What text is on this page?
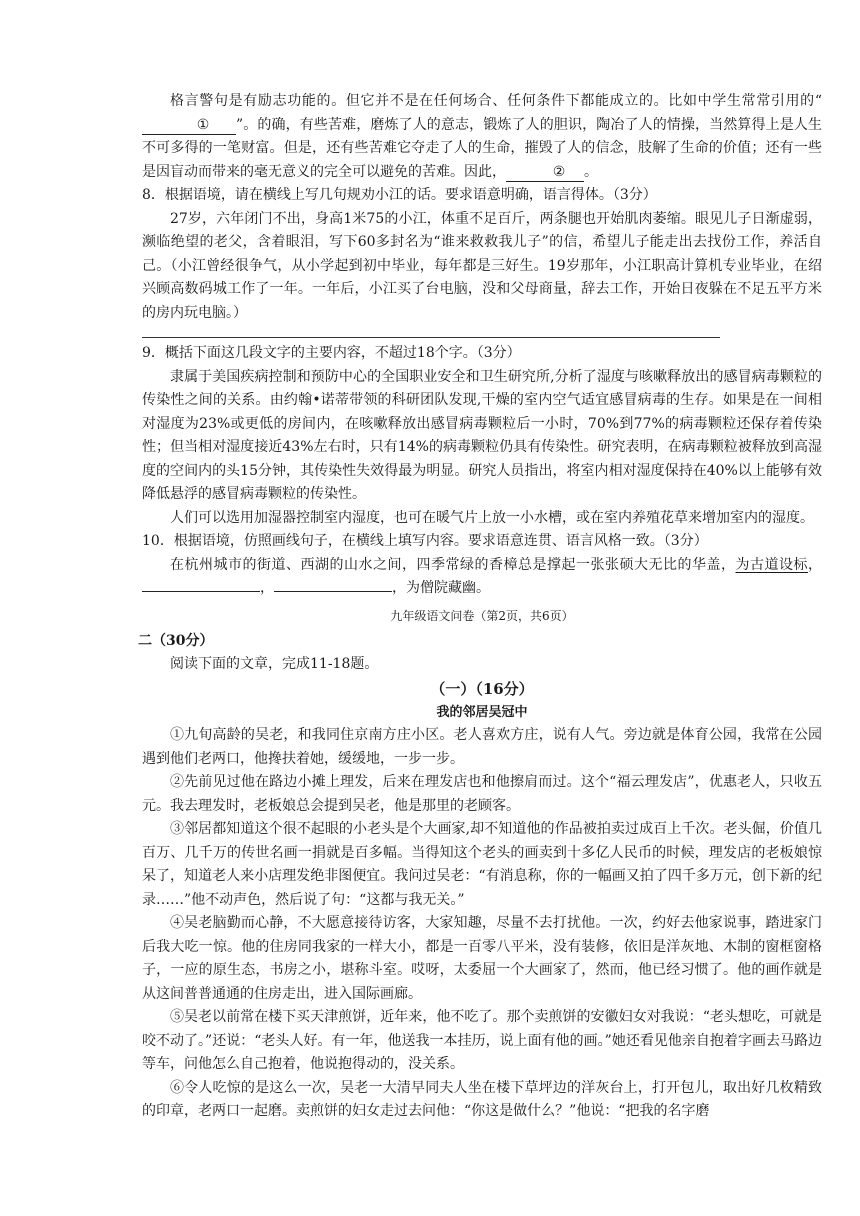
格言警句是有励志功能的。但它并不是在任何场合、任何条件下都能成立的。比如中学生常常引用的“① ”。的确，有些苦难，磨炼了人的意志，锻炼了人的胆识，陶冶了人的情操，当然算得上是人生不可多得的一笔财富。但是，还有些苦难它夺走了人的生命，摧毁了人的信念，肢解了生命的价值；还有一些是因盲动而带来的毫无意义的完全可以避免的苦难。因此，	② 。

8．根据语境，请在横线上写几句规劝小江的话。要求语意明确，语言得体。（3分）

27岁，六年闭门不出，身高1米75的小江，体重不足百斤，两条腿也开始肌肉萎缩。眼见儿子日渐虚弱，濒临绝望的老父，含着眼泪，写下60多封名为“谁来救救我儿子”的信，希望儿子能走出去找份工作，养活自己。（小江曾经很争气，从小学起到初中毕业，每年都是三好生。19岁那年，小江职高计算机专业毕业，在绍兴顾高数码城工作了一年。一年后，小江买了台电脑，没和父母商量，辞去工作，开始日夜躲在不足五平方米的房内玩电脑。）

9．概括下面这几段文字的主要内容，不超过18个字。（3分）

隶属于美国疾病控制和预防中心的全国职业安全和卫生研究所,分析了湿度与咳嗽释放出的感冒病毒颗粒的传染性之间的关系。由约翰•诺蒂带领的科研团队发现,干燥的室内空气适宜感冒病毒的生存。如果是在一间相对湿度为23%或更低的房间内，在咳嗽释放出感冒病毒颗粒后一小时，70%到77%的病毒颗粒还保存着传染性；但当相对湿度接近43%左右时，只有14%的病毒颗粒仍具有传染性。研究表明，在病毒颗粒被释放到高湿度的空间内的头15分钟，其传染性失效得最为明显。研究人员指出，将室内相对湿度保持在40%以上能够有效降低悬浮的感冒病毒颗粒的传染性。

人们可以选用加湿器控制室内湿度，也可在暖气片上放一小水槽，或在室内养殖花草来增加室内的湿度。

10．根据语境，仿照画线句子，在横线上填写内容。要求语意连贯、语言风格一致。（3分）

在杭州城市的街道、西湖的山水之间，四季常绿的香樟总是撑起一张张硕大无比的华盖，为古道设标，，	，为僧院藏幽。

九年级语文问卷（第2页，共6页）

二（30分）

阅读下面的文章，完成11-18题。

（一）（16分）

我的邻居吴冠中

①九旬高龄的吴老，和我同住京南方庄小区。老人喜欢方庄，说有人气。旁边就是体育公园，我常在公园遇到他们老两口，他搀扶着她，缓缓地，一步一步。

②先前见过他在路边小摊上理发，后来在理发店也和他擦肩而过。这个“福云理发店”，优惠老人，只收五元。我去理发时，老板娘总会提到吴老，他是那里的老顾客。

③邻居都知道这个很不起眼的小老头是个大画家,却不知道他的作品被拍卖过成百上千次。老头倔，价值几百万、几千万的传世名画一捐就是百多幅。当得知这个老头的画卖到十多亿人民币的时候，理发店的老板娘惊呆了，知道老人来小店理发绝非图便宜。我问过吴老：“有消息称，你的一幅画又拍了四千多万元，创下新的纪录……”他不动声色，然后说了句：“这都与我无关。”

④吴老脑勤而心静，不大愿意接待访客，大家知趣，尽量不去打扰他。一次，约好去他家说事，踏进家门后我大吃一惊。他的住房同我家的一样大小，都是一百零八平米，没有装修，依旧是洋灰地、木制的窗框窗格子，一应的原生态，书房之小，堪称斗室。哎呀，太委屈一个大画家了，然而，他已经习惯了。他的画作就是从这间普普通通的住房走出，进入国际画廊。

⑤吴老以前常在楼下买天津煎饼，近年来，他不吃了。那个卖煎饼的安徽妇女对我说：“老头想吃，可就是咬不动了。”还说：“老头人好。有一年，他送我一本挂历，说上面有他的画。”她还看见他亲自抱着字画去马路边等车，问他怎么自己抱着，他说抱得动的，没关系。

⑥令人吃惊的是这么一次，吴老一大清早同夫人坐在楼下草坪边的洋灰台上，打开包儿，取出好几枚精致的印章，老两口一起磨。卖煎饼的妇女走过去问他：“你这是做什么？”他说：“把我的名字磨
